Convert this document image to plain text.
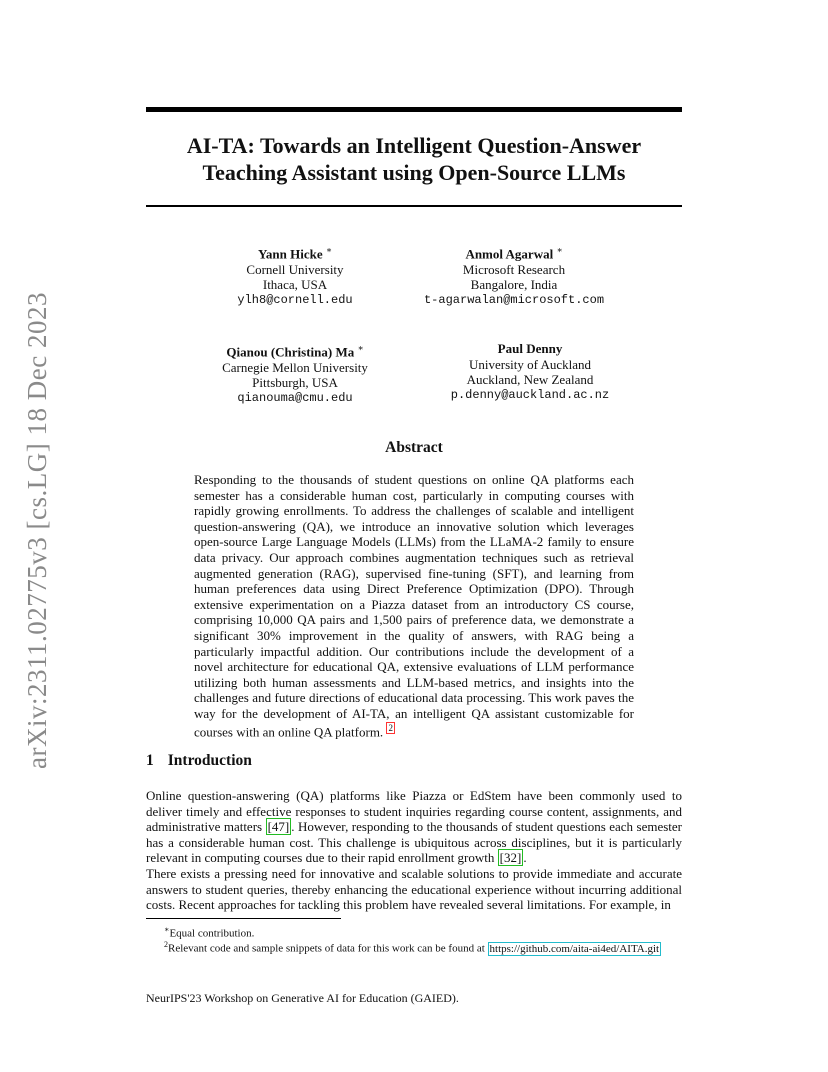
arXiv:2311.02775v3 [cs.LG] 18 Dec 2023
AI-TA: Towards an Intelligent Question-Answer
Teaching Assistant using Open-Source LLMs
Yann Hicke ∗
Cornell University
Ithaca, USA
ylh8@cornell.edu
Anmol Agarwal ∗
Microsoft Research
Bangalore, India
t-agarwalan@microsoft.com
Qianou (Christina) Ma ∗
Carnegie Mellon University
Pittsburgh, USA
qianouma@cmu.edu
Paul Denny
University of Auckland
Auckland, New Zealand
p.denny@auckland.ac.nz
Abstract
Responding to the thousands of student questions on online QA platforms each semester has a considerable human cost, particularly in computing courses with rapidly growing enrollments. To address the challenges of scalable and intelligent question-answering (QA), we introduce an innovative solution which leverages open-source Large Language Models (LLMs) from the LLaMA-2 family to ensure data privacy. Our approach combines augmentation techniques such as retrieval augmented generation (RAG), supervised fine-tuning (SFT), and learning from human preferences data using Direct Preference Optimization (DPO). Through extensive experimentation on a Piazza dataset from an introductory CS course, comprising 10,000 QA pairs and 1,500 pairs of preference data, we demonstrate a significant 30% improvement in the quality of answers, with RAG being a particularly impactful addition. Our contributions include the development of a novel architecture for educational QA, extensive evaluations of LLM performance utilizing both human assessments and LLM-based metrics, and insights into the challenges and future directions of educational data processing. This work paves the way for the development of AI-TA, an intelligent QA assistant customizable for courses with an online QA platform. 2
1 Introduction
Online question-answering (QA) platforms like Piazza or EdStem have been commonly used to deliver timely and effective responses to student inquiries regarding course content, assignments, and administrative matters [47] . However, responding to the thousands of student questions each semester has a considerable human cost. This challenge is ubiquitous across disciplines, but it is particularly relevant in computing courses due to their rapid enrollment growth [32] .
There exists a pressing need for innovative and scalable solutions to provide immediate and accurate answers to student queries, thereby enhancing the educational experience without incurring additional costs. Recent approaches for tackling this problem have revealed several limitations. For example, in
∗Equal contribution.
$^2$Relevant code and sample snippets of data for this work can be found at https://github.com/aita-ai4ed/AITA.git
NeurIPS'23 Workshop on Generative AI for Education (GAIED).
